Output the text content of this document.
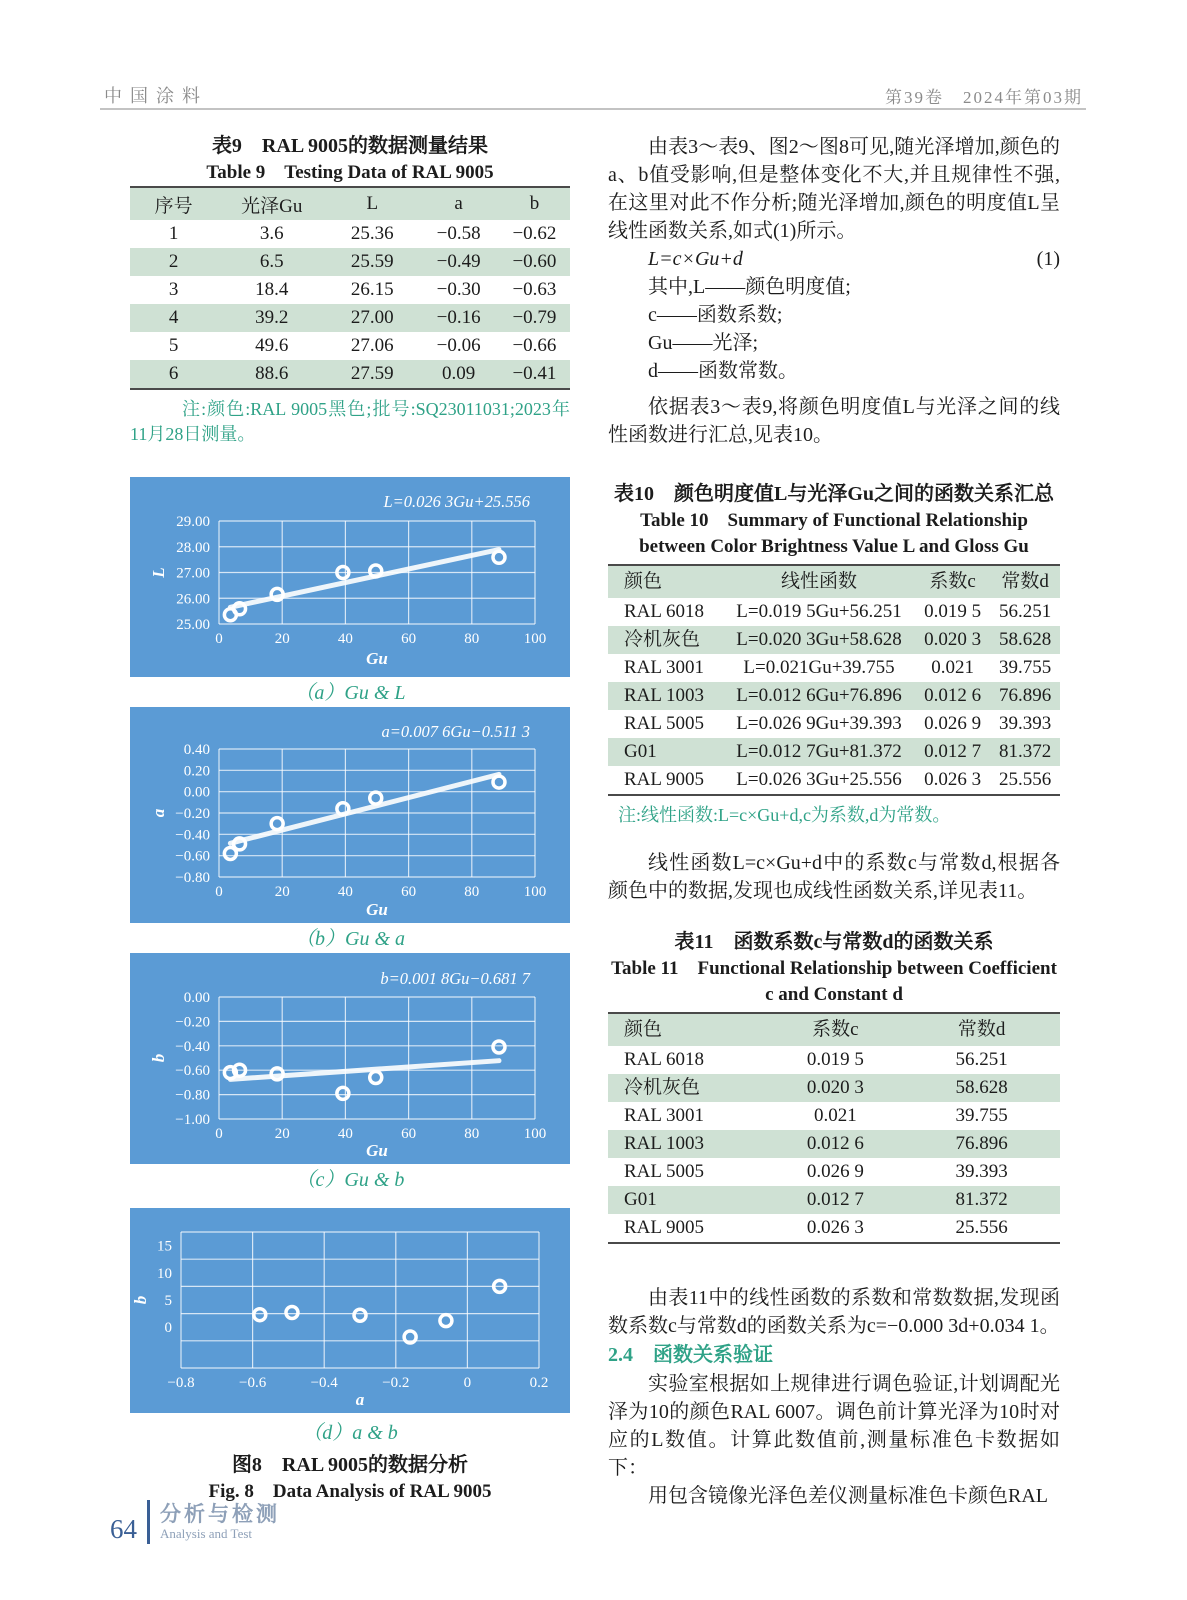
中国涂料	第39卷　2024年第03期
表9　RAL 9005的数据测量结果
Table 9　Testing Data of RAL 9005
序号	光泽Gu	L	a	b
1	3.6	25.36	−0.58	−0.62
2	6.5	25.59	−0.49	−0.60
3	18.4	26.15	−0.30	−0.63
4	39.2	27.00	−0.16	−0.79
5	49.6	27.06	−0.06	−0.66
6	88.6	27.59	0.09	−0.41
注:颜色:RAL 9005黑色;批号:SQ23011031;2023年11月28日测量。
0	20	40	60	80	100
29.00
28.00
27.00
26.00
25.00
L=0.026 3Gu+25.556
Gu
L
（a）Gu & L
0	20	40	60	80	100
0.40
0.20
0.00
−0.20
−0.40
−0.60
−0.80
a=0.007 6Gu−0.511 3
Gu
a
（b）Gu & a
0	20	40	60	80	100
0.00
−0.20
−0.40
−0.60
−0.80
−1.00
b=0.001 8Gu−0.681 7
Gu
b
（c）Gu & b
−0.8	−0.6	−0.4	−0.2	0	0.2
15
10
5
0
a
b
（d）a & b
图8　RAL 9005的数据分析
Fig. 8　Data Analysis of RAL 9005

由表3～表9、图2～图8可见,随光泽增加,颜色的a、b值受影响,但是整体变化不大,并且规律性不强,在这里对此不作分析;随光泽增加,颜色的明度值L呈线性函数关系,如式(1)所示。

L=c×Gu+d	(1)
其中,L——颜色明度值;
c——函数系数;
Gu——光泽;
d——函数常数。

依据表3～表9,将颜色明度值L与光泽之间的线性函数进行汇总,见表10。

表10　颜色明度值L与光泽Gu之间的函数关系汇总
Table 10　Summary of Functional Relationship between Color Brightness Value L and Gloss Gu
颜色	线性函数	系数c	常数d
RAL 6018	L=0.019 5Gu+56.251	0.019 5	56.251
冷机灰色	L=0.020 3Gu+58.628	0.020 3	58.628
RAL 3001	L=0.021Gu+39.755	0.021	39.755
RAL 1003	L=0.012 6Gu+76.896	0.012 6	76.896
RAL 5005	L=0.026 9Gu+39.393	0.026 9	39.393
G01	L=0.012 7Gu+81.372	0.012 7	81.372
RAL 9005	L=0.026 3Gu+25.556	0.026 3	25.556
注:线性函数:L=c×Gu+d,c为系数,d为常数。

线性函数L=c×Gu+d中的系数c与常数d,根据各颜色中的数据,发现也成线性函数关系,详见表11。

表11　函数系数c与常数d的函数关系
Table 11　Functional Relationship between Coefficient c and Constant d
颜色	系数c	常数d
RAL 6018	0.019 5	56.251
冷机灰色	0.020 3	58.628
RAL 3001	0.021	39.755
RAL 1003	0.012 6	76.896
RAL 5005	0.026 9	39.393
G01	0.012 7	81.372
RAL 9005	0.026 3	25.556

由表11中的线性函数的系数和常数数据,发现函数系数c与常数d的函数关系为c=−0.000 3d+0.034 1。

2.4 函数关系验证

实验室根据如上规律进行调色验证,计划调配光泽为10的颜色RAL 6007。调色前计算光泽为10时对应的L数值。计算此数值前,测量标准色卡数据如下：

用包含镜像光泽色差仪测量标准色卡颜色RAL

64 分析与检测
Analysis and Test
